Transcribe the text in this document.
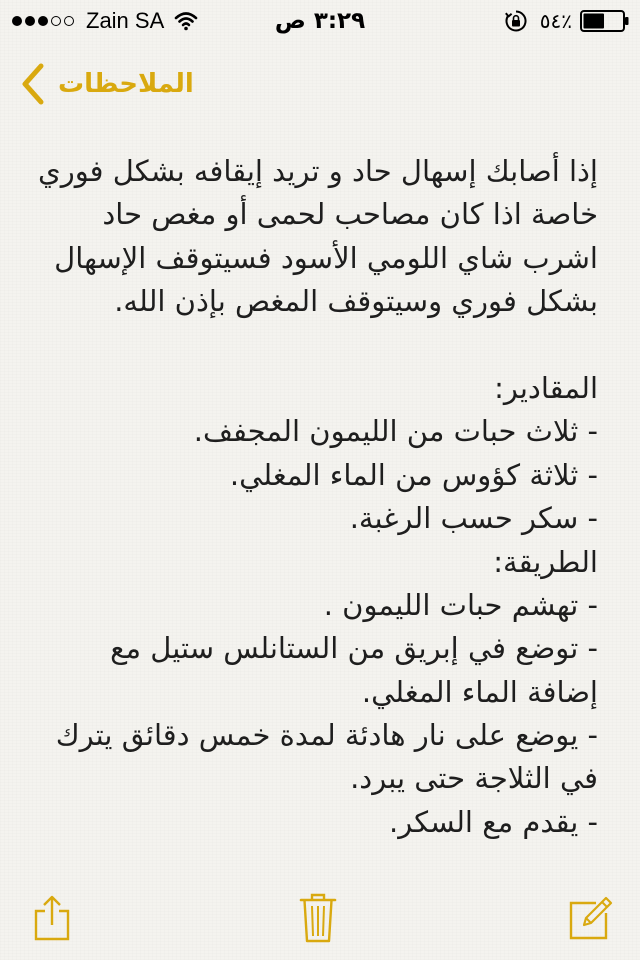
Zain SA	٣:٢٩ ص	٪٥٤
الملاحظات
إذا أصابك إسهال حاد و تريد إيقافه بشكل فوري
خاصة اذا كان مصاحب لحمى أو مغص حاد
اشرب شاي اللومي الأسود فسيتوقف الإسهال
بشكل فوري وسيتوقف المغص بإذن الله.
المقادير:
- ثلاث حبات من الليمون المجفف.
- ثلاثة كؤوس من الماء المغلي.
- سكر حسب الرغبة.
الطريقة:
- تهشم حبات الليمون .
- توضع في إبريق من الستانلس ستيل مع
إضافة الماء المغلي.
- يوضع على نار هادئة لمدة خمس دقائق يترك
في الثلاجة حتى يبرد.
- يقدم مع السكر.
